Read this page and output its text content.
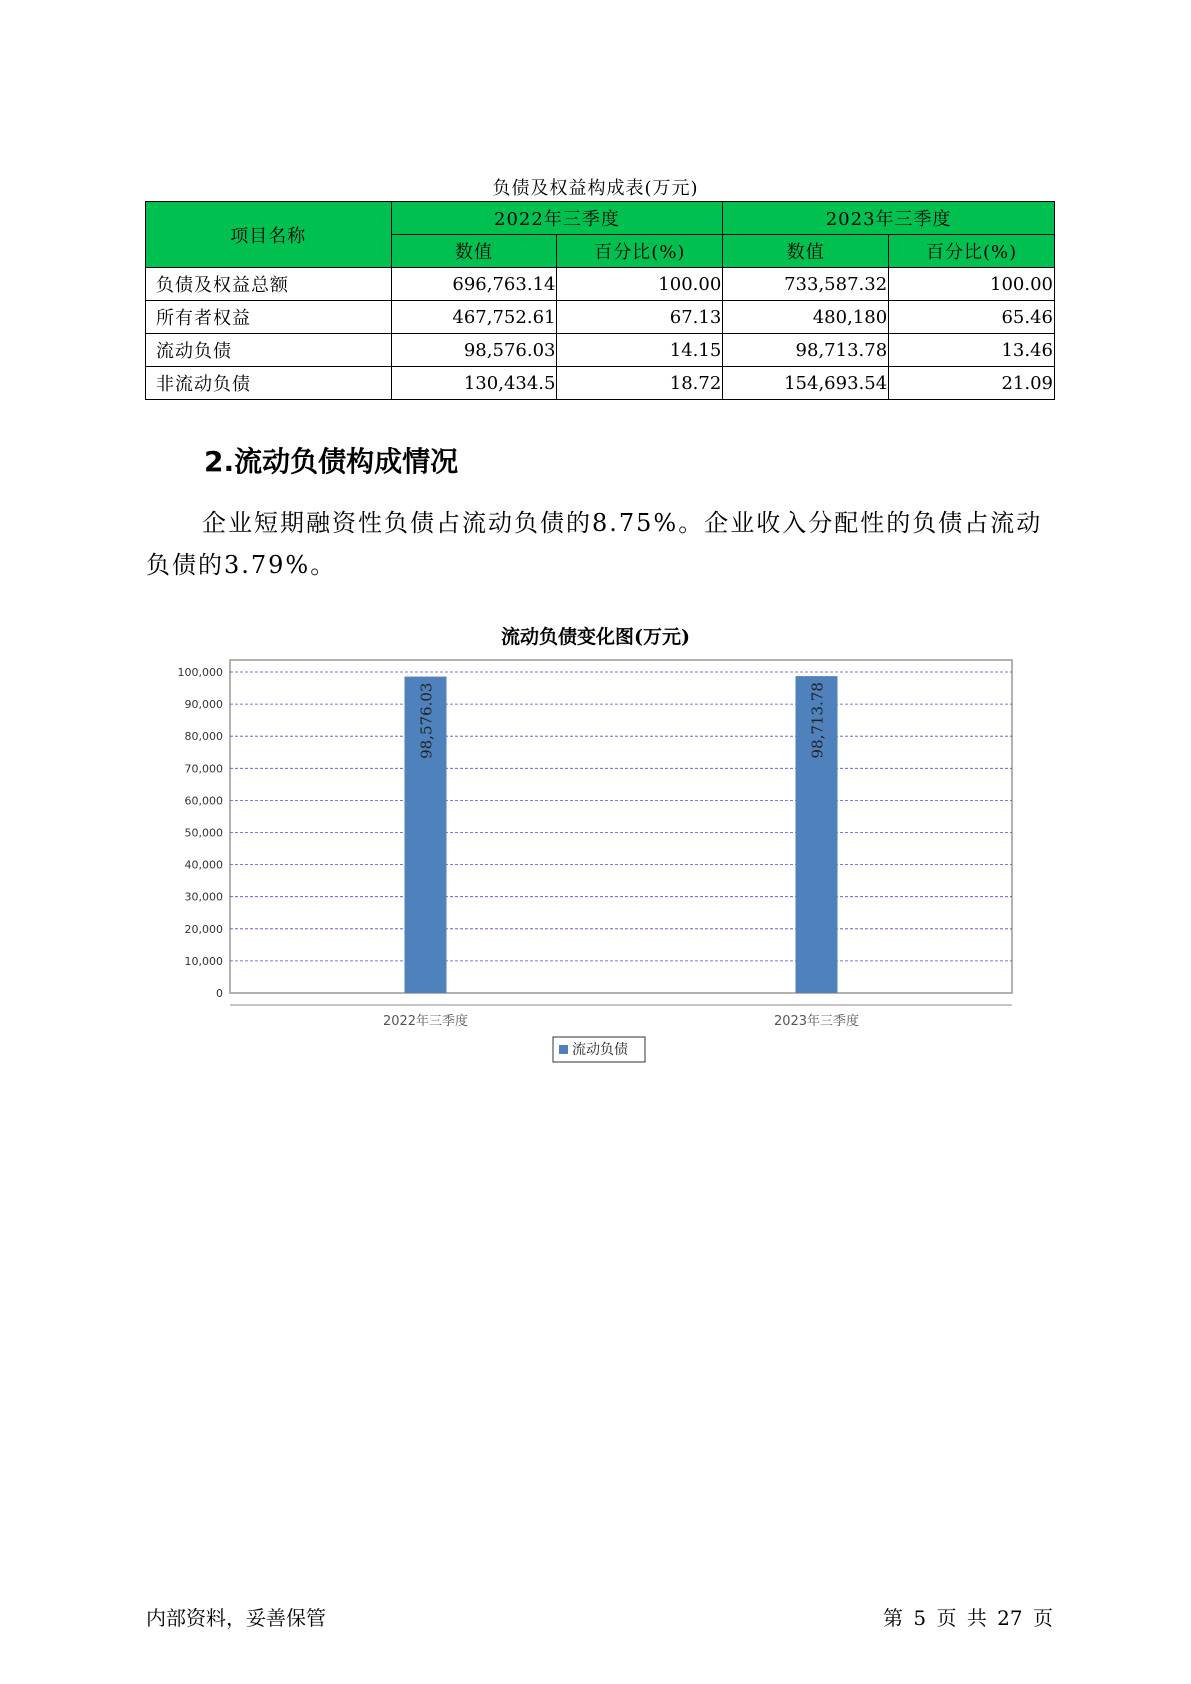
负债及权益构成表(万元)
项目名称	2022年三季度		2023年三季度	
	数值	百分比(%)	数值	百分比(%)
负债及权益总额	696,763.14	100.00	733,587.32	100.00
所有者权益	467,752.61	67.13	480,180	65.46
流动负债	98,576.03	14.15	98,713.78	13.46
非流动负债	130,434.5	18.72	154,693.54	21.09
2.流动负债构成情况
企业短期融资性负债占流动负债的8.75%。企业收入分配性的负债占流动负债的3.79%。
流动负债变化图(万元)
0
10,000
20,000
30,000
40,000
50,000
60,000
70,000
80,000
90,000
100,000
98,576.03
2022年三季度
98,713.78
2023年三季度
流动负债
内部资料，妥善保管	第 5 页 共 27 页
